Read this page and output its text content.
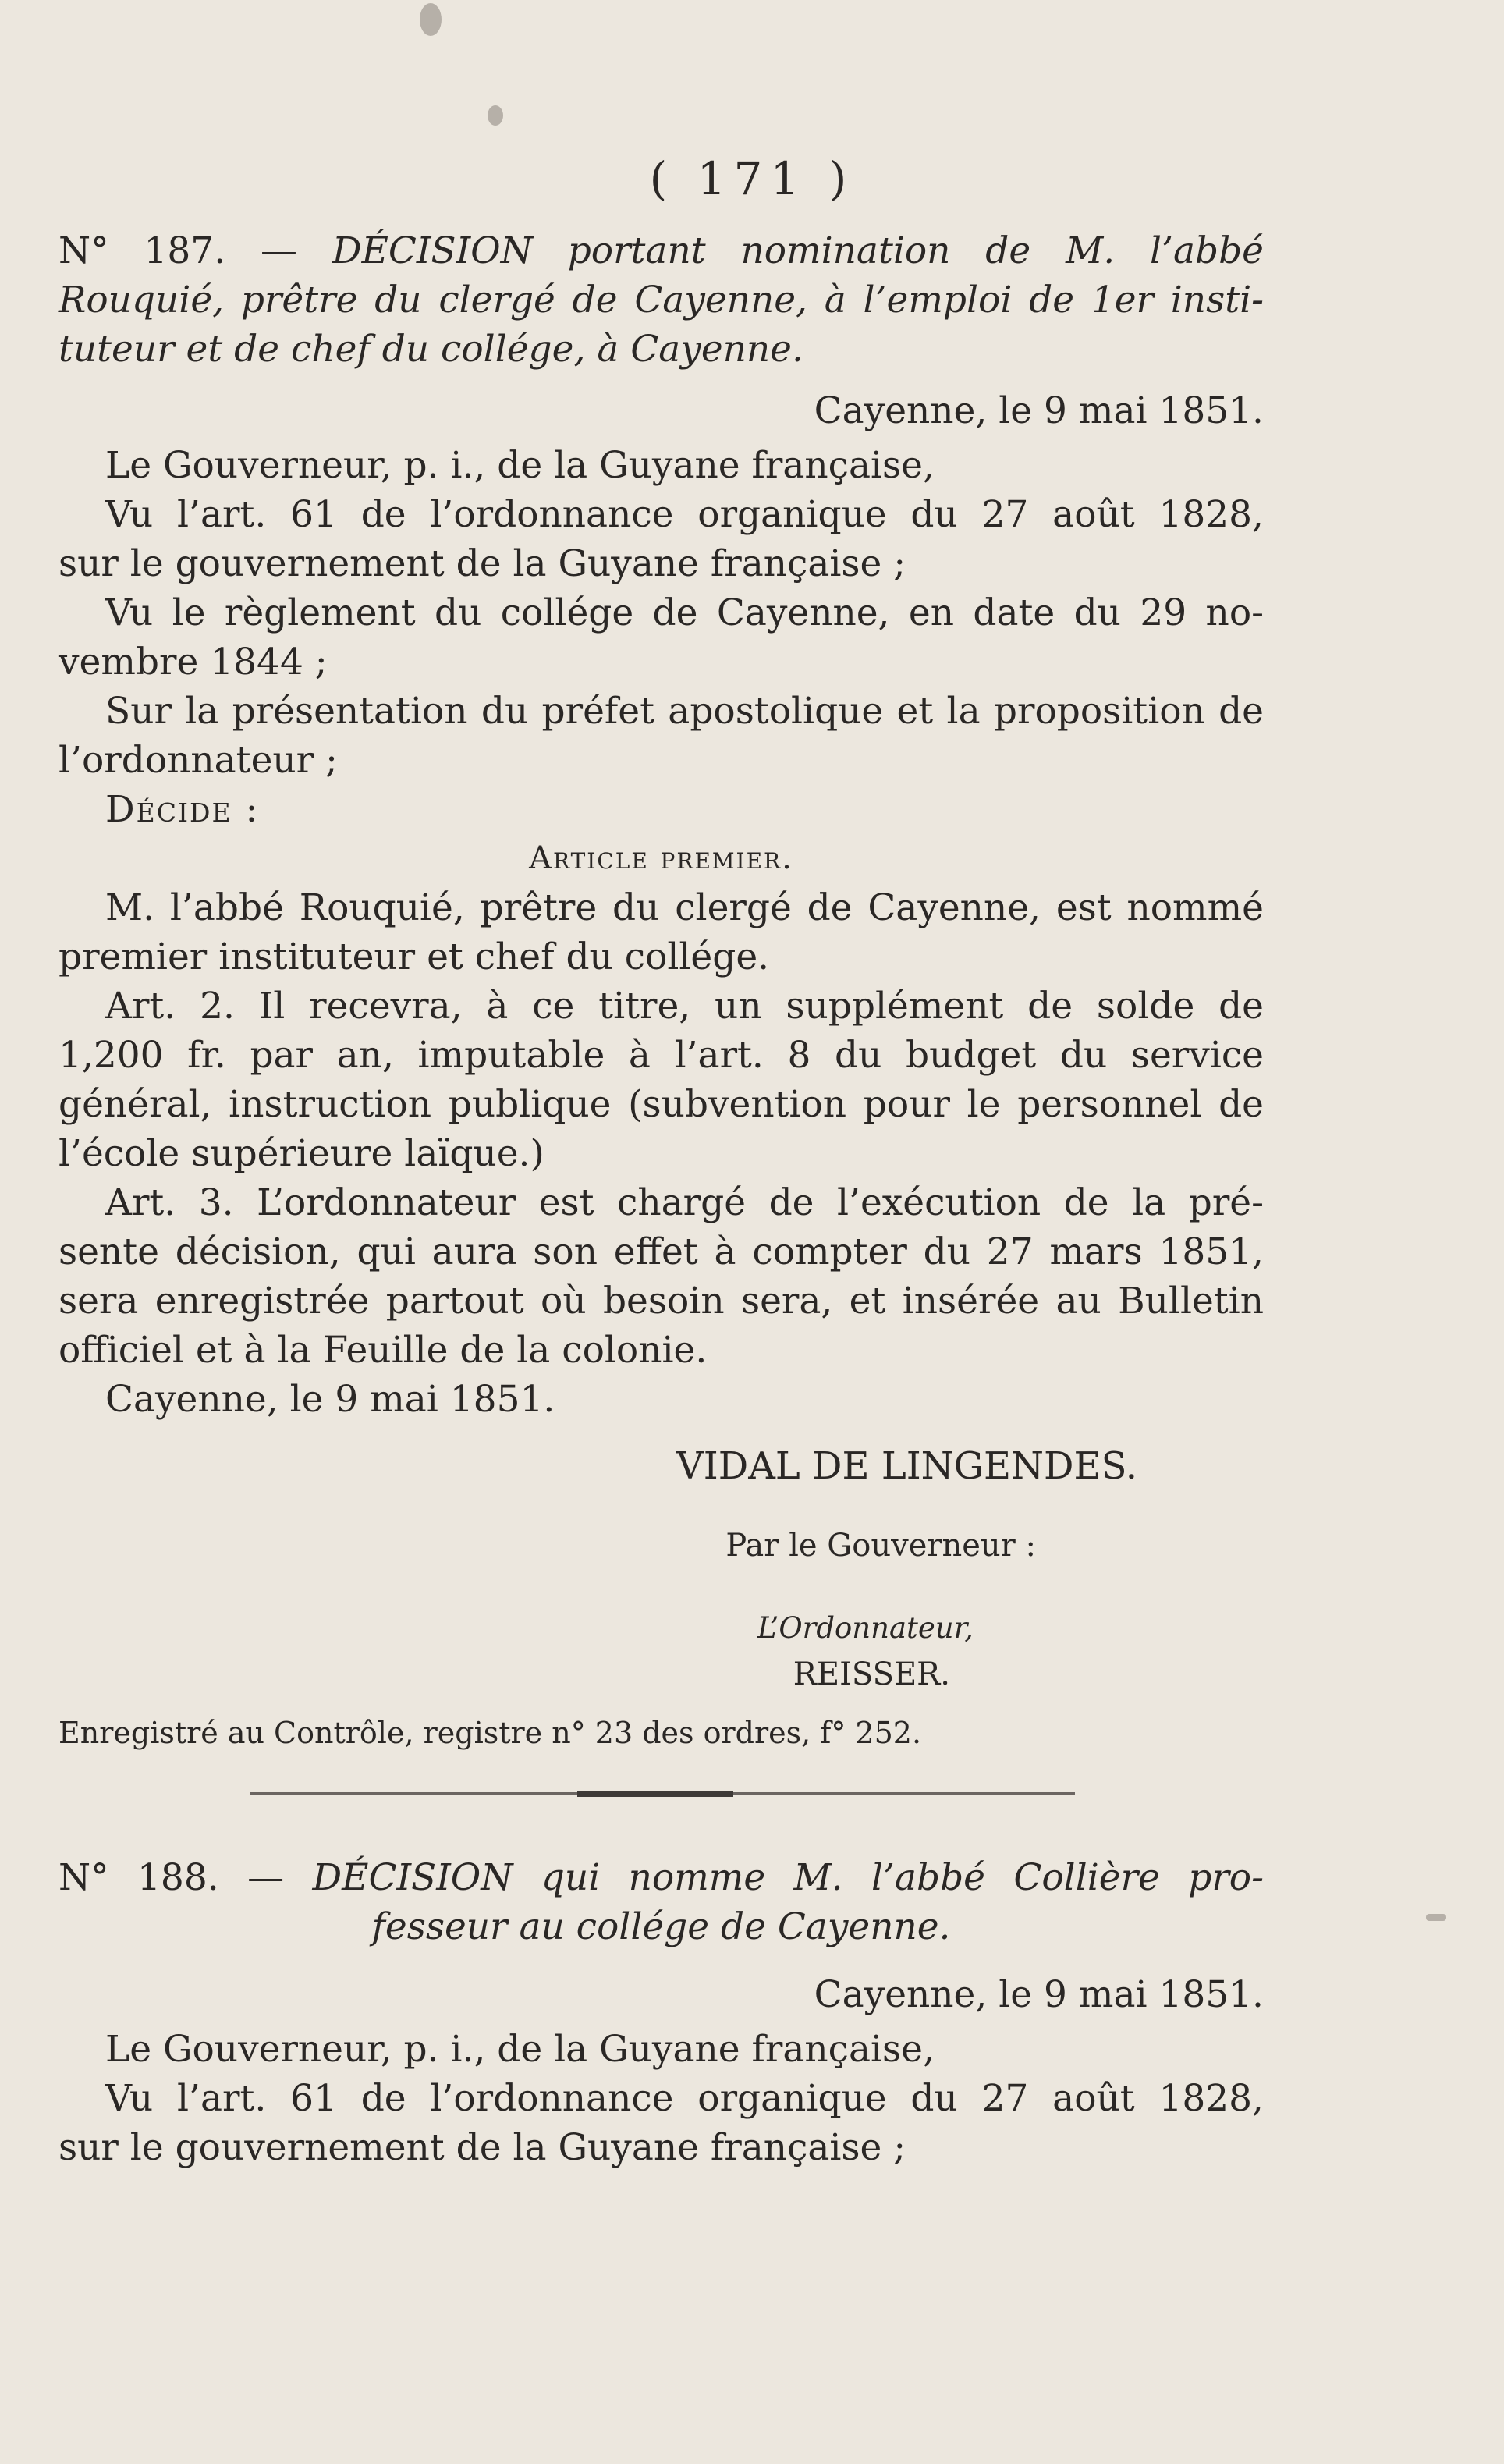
( 171 )
N° 187. — DÉCISION portant nomination de M. l’abbé
Rouquié, prêtre du clergé de Cayenne, à l’emploi de 1er insti-
tuteur et de chef du collége, à Cayenne.
Cayenne, le 9 mai 1851.
Le Gouverneur, p. i., de la Guyane française,
Vu l’art. 61 de l’ordonnance organique du 27 août 1828,
sur le gouvernement de la Guyane française ;
Vu le règlement du collége de Cayenne, en date du 29 no-
vembre 1844 ;
Sur la présentation du préfet apostolique et la proposition de
l’ordonnateur ;
Décide :
Article premier.
M. l’abbé Rouquié, prêtre du clergé de Cayenne, est nommé
premier instituteur et chef du collége.
Art. 2. Il recevra, à ce titre, un supplément de solde de
1,200 fr. par an, imputable à l’art. 8 du budget du service
général, instruction publique (subvention pour le personnel de
l’école supérieure laïque.)
Art. 3. L’ordonnateur est chargé de l’exécution de la pré-
sente décision, qui aura son effet à compter du 27 mars 1851,
sera enregistrée partout où besoin sera, et insérée au Bulletin
officiel et à la Feuille de la colonie.
Cayenne, le 9 mai 1851.
VIDAL DE LINGENDES.
Par le Gouverneur :
L’Ordonnateur,
REISSER.
Enregistré au Contrôle, registre n° 23 des ordres, f° 252.
N° 188. — DÉCISION qui nomme M. l’abbé Collière pro-
fesseur au collége de Cayenne.
Cayenne, le 9 mai 1851.
Le Gouverneur, p. i., de la Guyane française,
Vu l’art. 61 de l’ordonnance organique du 27 août 1828,
sur le gouvernement de la Guyane française ;
